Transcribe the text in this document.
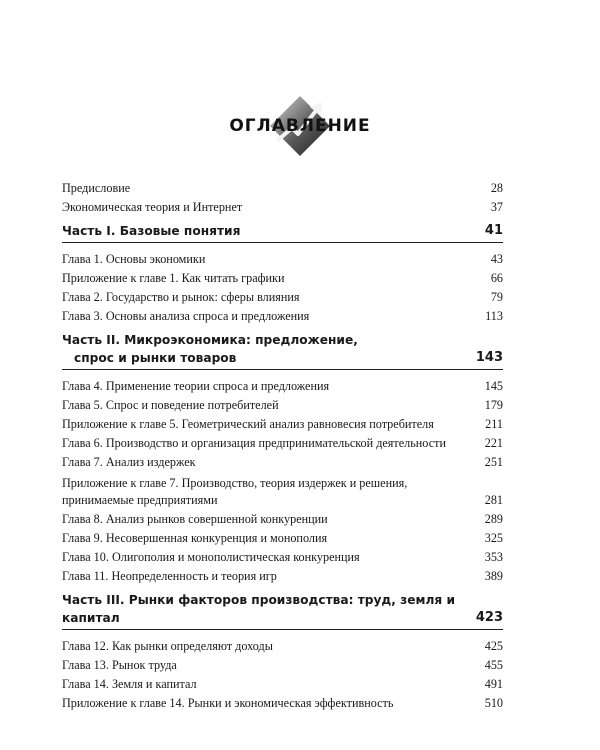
ОГЛАВЛЕНИЕ
Предисловие	28
Экономическая теория и Интернет	37
Часть I. Базовые понятия	41
Глава 1. Основы экономики	43
Приложение к главе 1. Как читать графики	66
Глава 2. Государство и рынок: сферы влияния	79
Глава 3. Основы анализа спроса и предложения	113
Часть II. Микроэкономика: предложение,
спрос и рынки товаров	143
Глава 4. Применение теории спроса и предложения	145
Глава 5. Спрос и поведение потребителей	179
Приложение к главе 5. Геометрический анализ равновесия потребителя	211
Глава 6. Производство и организация предпринимательской деятельности	221
Глава 7. Анализ издержек	251
Приложение к главе 7. Производство, теория издержек и решения,
принимаемые предприятиями	281
Глава 8. Анализ рынков совершенной конкуренции	289
Глава 9. Несовершенная конкуренция и монополия	325
Глава 10. Олигополия и монополистическая конкуренция	353
Глава 11. Неопределенность и теория игр	389
Часть III. Рынки факторов производства: труд, земля и капитал	423
Глава 12. Как рынки определяют доходы	425
Глава 13. Рынок труда	455
Глава 14. Земля и капитал	491
Приложение к главе 14. Рынки и экономическая эффективность	510
